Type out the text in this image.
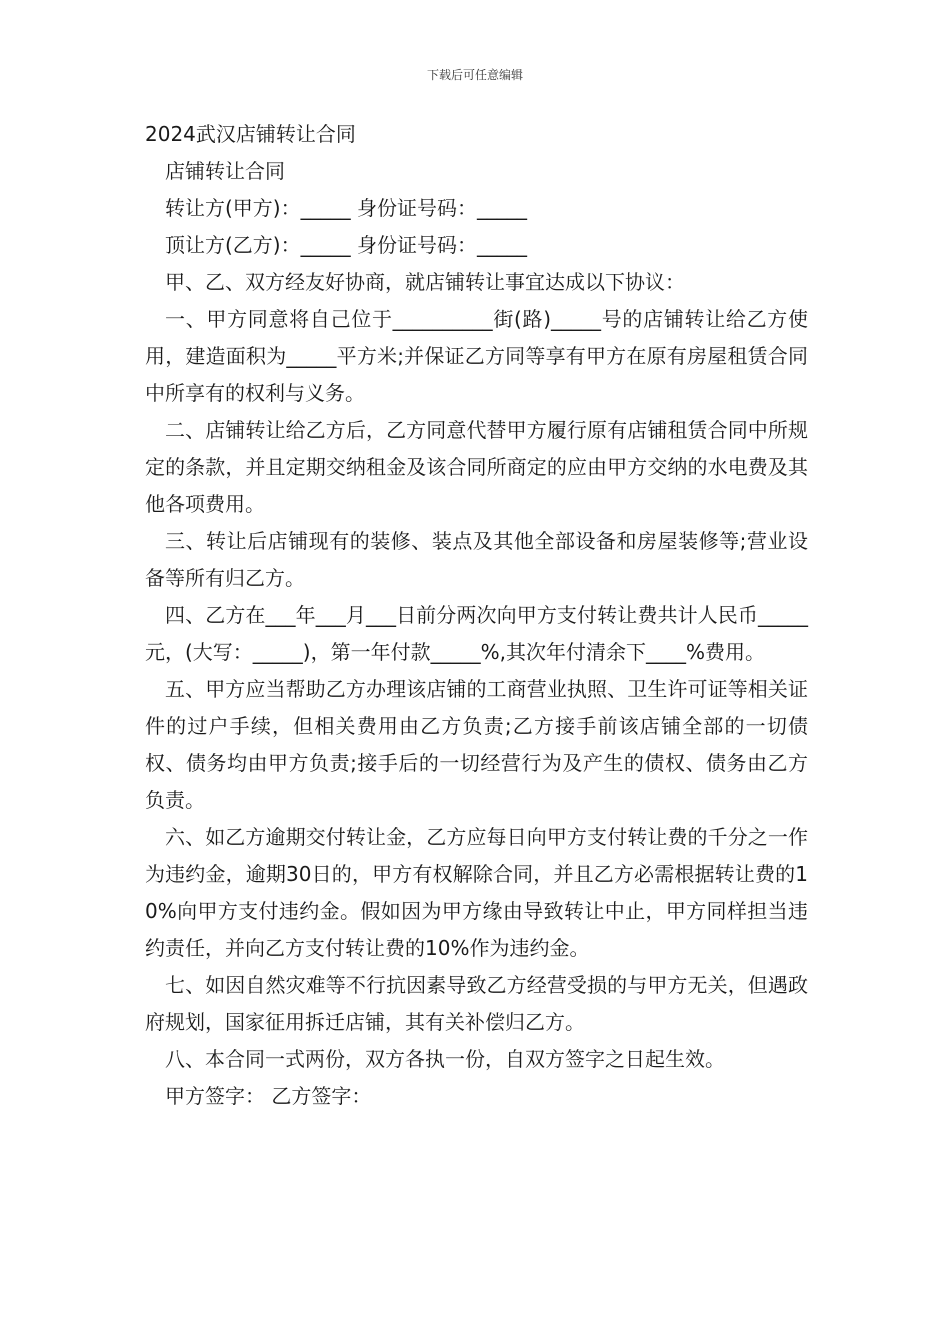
下载后可任意编辑

2024武汉店铺转让合同

店铺转让合同

转让方(甲方)：_____ 身份证号码：_____

顶让方(乙方)：_____ 身份证号码：_____

甲、乙、双方经友好协商，就店铺转让事宜达成以下协议：

一、甲方同意将自己位于__________街(路)_____号的店铺转让给乙方使用，建造面积为_____平方米;并保证乙方同等享有甲方在原有房屋租赁合同中所享有的权利与义务。

二、店铺转让给乙方后，乙方同意代替甲方履行原有店铺租赁合同中所规定的条款，并且定期交纳租金及该合同所商定的应由甲方交纳的水电费及其他各项费用。

三、转让后店铺现有的装修、装点及其他全部设备和房屋装修等;营业设备等所有归乙方。

四、乙方在___年___月___日前分两次向甲方支付转让费共计人民币_____元，(大写：_____)，第一年付款_____%,其次年付清余下____%费用。

五、甲方应当帮助乙方办理该店铺的工商营业执照、卫生许可证等相关证件的过户手续，但相关费用由乙方负责;乙方接手前该店铺全部的一切债权、债务均由甲方负责;接手后的一切经营行为及产生的债权、债务由乙方负责。

六、如乙方逾期交付转让金，乙方应每日向甲方支付转让费的千分之一作为违约金，逾期30日的，甲方有权解除合同，并且乙方必需根据转让费的10%向甲方支付违约金。假如因为甲方缘由导致转让中止，甲方同样担当违约责任，并向乙方支付转让费的10%作为违约金。

七、如因自然灾难等不行抗因素导致乙方经营受损的与甲方无关，但遇政府规划，国家征用拆迁店铺，其有关补偿归乙方。

八、本合同一式两份，双方各执一份，自双方签字之日起生效。

甲方签字： 乙方签字：
